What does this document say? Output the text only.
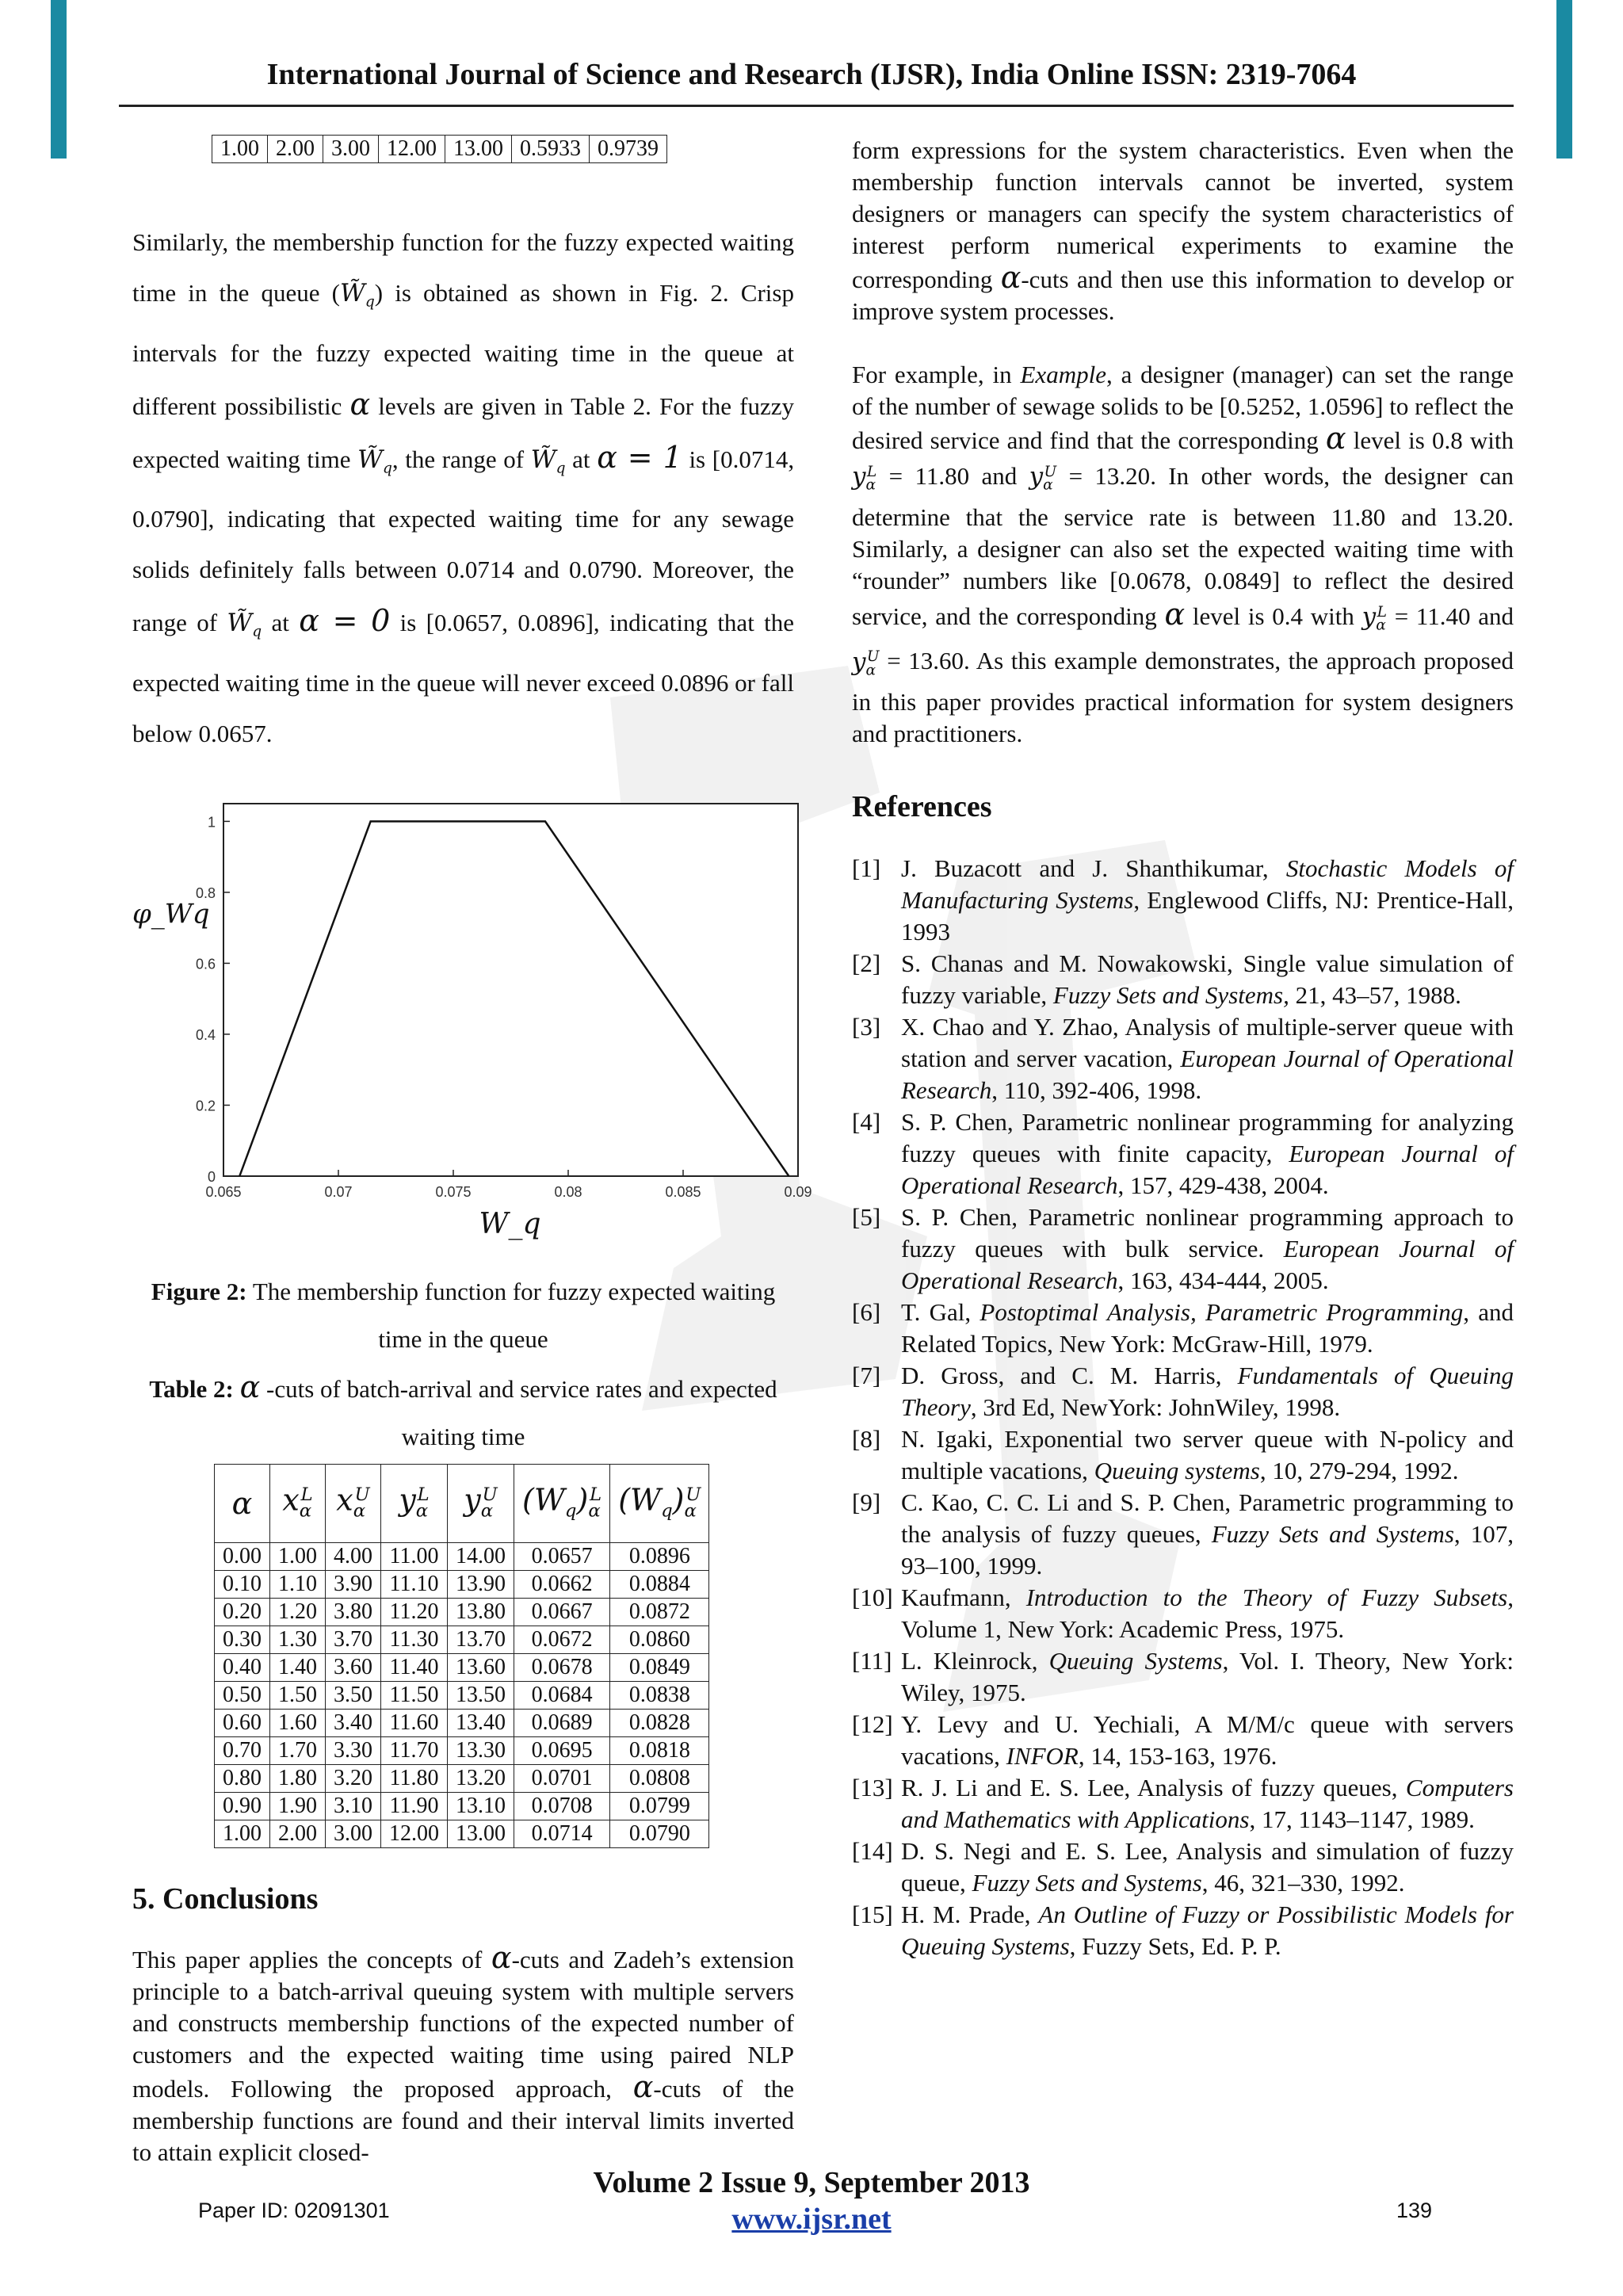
International Journal of Science and Research (IJSR), India Online ISSN: 2319-7064
1.00	2.00	3.00	12.00	13.00	0.5933	0.9739

Similarly, the membership function for the fuzzy expected waiting time in the queue $(W̃_q)$ is obtained as shown in Fig. 2. Crisp intervals for the fuzzy expected waiting time in the queue at different possibilistic α levels are given in Table 2. For the fuzzy expected waiting time $W̃_q$, the range of $W̃_q$ at α = 1 is [0.0714, 0.0790], indicating that expected waiting time for any sewage solids definitely falls between 0.0714 and 0.0790. Moreover, the range of $W̃_q$ at α = 0 is [0.0657, 0.0896], indicating that the expected waiting time in the queue will never exceed 0.0896 or fall below 0.0657.

0
0.2
0.4
0.6
0.8
1
0.065	0.07	0.075	0.08	0.085	0.09
W_q
φ_Wq
Figure 2: The membership function for fuzzy expected waiting time in the queue
Table 2: α -cuts of batch-arrival and service rates and expected waiting time
α	$x_\alpha^L$	$x_\alpha^U$	$y_\alpha^L$	$y_\alpha^U$	$(W_q)_\alpha^L$	$(W_q)_\alpha^U$
0.00	1.00	4.00	11.00	14.00	0.0657	0.0896
0.10	1.10	3.90	11.10	13.90	0.0662	0.0884
0.20	1.20	3.80	11.20	13.80	0.0667	0.0872
0.30	1.30	3.70	11.30	13.70	0.0672	0.0860
0.40	1.40	3.60	11.40	13.60	0.0678	0.0849
0.50	1.50	3.50	11.50	13.50	0.0684	0.0838
0.60	1.60	3.40	11.60	13.40	0.0689	0.0828
0.70	1.70	3.30	11.70	13.30	0.0695	0.0818
0.80	1.80	3.20	11.80	13.20	0.0701	0.0808
0.90	1.90	3.10	11.90	13.10	0.0708	0.0799
1.00	2.00	3.00	12.00	13.00	0.0714	0.0790
5. Conclusions

This paper applies the concepts of α-cuts and Zadeh’s extension principle to a batch-arrival queuing system with multiple servers and constructs membership functions of the expected number of customers and the expected waiting time using paired NLP models. Following the proposed approach, α-cuts of the membership functions are found and their interval limits inverted to attain explicit closed-

form expressions for the system characteristics. Even when the membership function intervals cannot be inverted, system designers or managers can specify the system characteristics of interest perform numerical experiments to examine the corresponding α-cuts and then use this information to develop or improve system processes.

For example, in Example, a designer (manager) can set the range of the number of sewage solids to be [0.5252, 1.0596] to reflect the desired service and find that the corresponding α level is 0.8 with $y_\alpha^L = 11.80$ and $y_\alpha^U = 13.20$. In other words, the designer can determine that the service rate is between 11.80 and 13.20. Similarly, a designer can also set the expected waiting time with “rounder” numbers like [0.0678, 0.0849] to reflect the desired service, and the corresponding α level is 0.4 with $y_\alpha^L = 11.40$ and $y_\alpha^U = 13.60$. As this example demonstrates, the approach proposed in this paper provides practical information for system designers and practitioners.

References
[1] J. Buzacott and J. Shanthikumar, Stochastic Models of Manufacturing Systems, Englewood Cliffs, NJ: Prentice-Hall, 1993
[2] S. Chanas and M. Nowakowski, Single value simulation of fuzzy variable, Fuzzy Sets and Systems, 21, 43–57, 1988.
[3] X. Chao and Y. Zhao, Analysis of multiple-server queue with station and server vacation, European Journal of Operational Research, 110, 392-406, 1998.
[4] S. P. Chen, Parametric nonlinear programming for analyzing fuzzy queues with finite capacity, European Journal of Operational Research, 157, 429-438, 2004.
[5] S. P. Chen, Parametric nonlinear programming approach to fuzzy queues with bulk service. European Journal of Operational Research, 163, 434-444, 2005.
[6] T. Gal, Postoptimal Analysis, Parametric Programming, and Related Topics, New York: McGraw-Hill, 1979.
[7] D. Gross, and C. M. Harris, Fundamentals of Queuing Theory, 3rd Ed, NewYork: JohnWiley, 1998.
[8] N. Igaki, Exponential two server queue with N-policy and multiple vacations, Queuing systems, 10, 279-294, 1992.
[9] C. Kao, C. C. Li and S. P. Chen, Parametric programming to the analysis of fuzzy queues, Fuzzy Sets and Systems, 107, 93–100, 1999.
[10] Kaufmann, Introduction to the Theory of Fuzzy Subsets, Volume 1, New York: Academic Press, 1975.
[11] L. Kleinrock, Queuing Systems, Vol. I. Theory, New York: Wiley, 1975.
[12] Y. Levy and U. Yechiali, A M/M/c queue with servers vacations, INFOR, 14, 153-163, 1976.
[13] R. J. Li and E. S. Lee, Analysis of fuzzy queues, Computers and Mathematics with Applications, 17, 1143–1147, 1989.
[14] D. S. Negi and E. S. Lee, Analysis and simulation of fuzzy queue, Fuzzy Sets and Systems, 46, 321–330, 1992.
[15] H. M. Prade, An Outline of Fuzzy or Possibilistic Models for Queuing Systems, Fuzzy Sets, Ed. P. P.
Volume 2 Issue 9, September 2013
www.ijsr.net
Paper ID: 02091301	139
